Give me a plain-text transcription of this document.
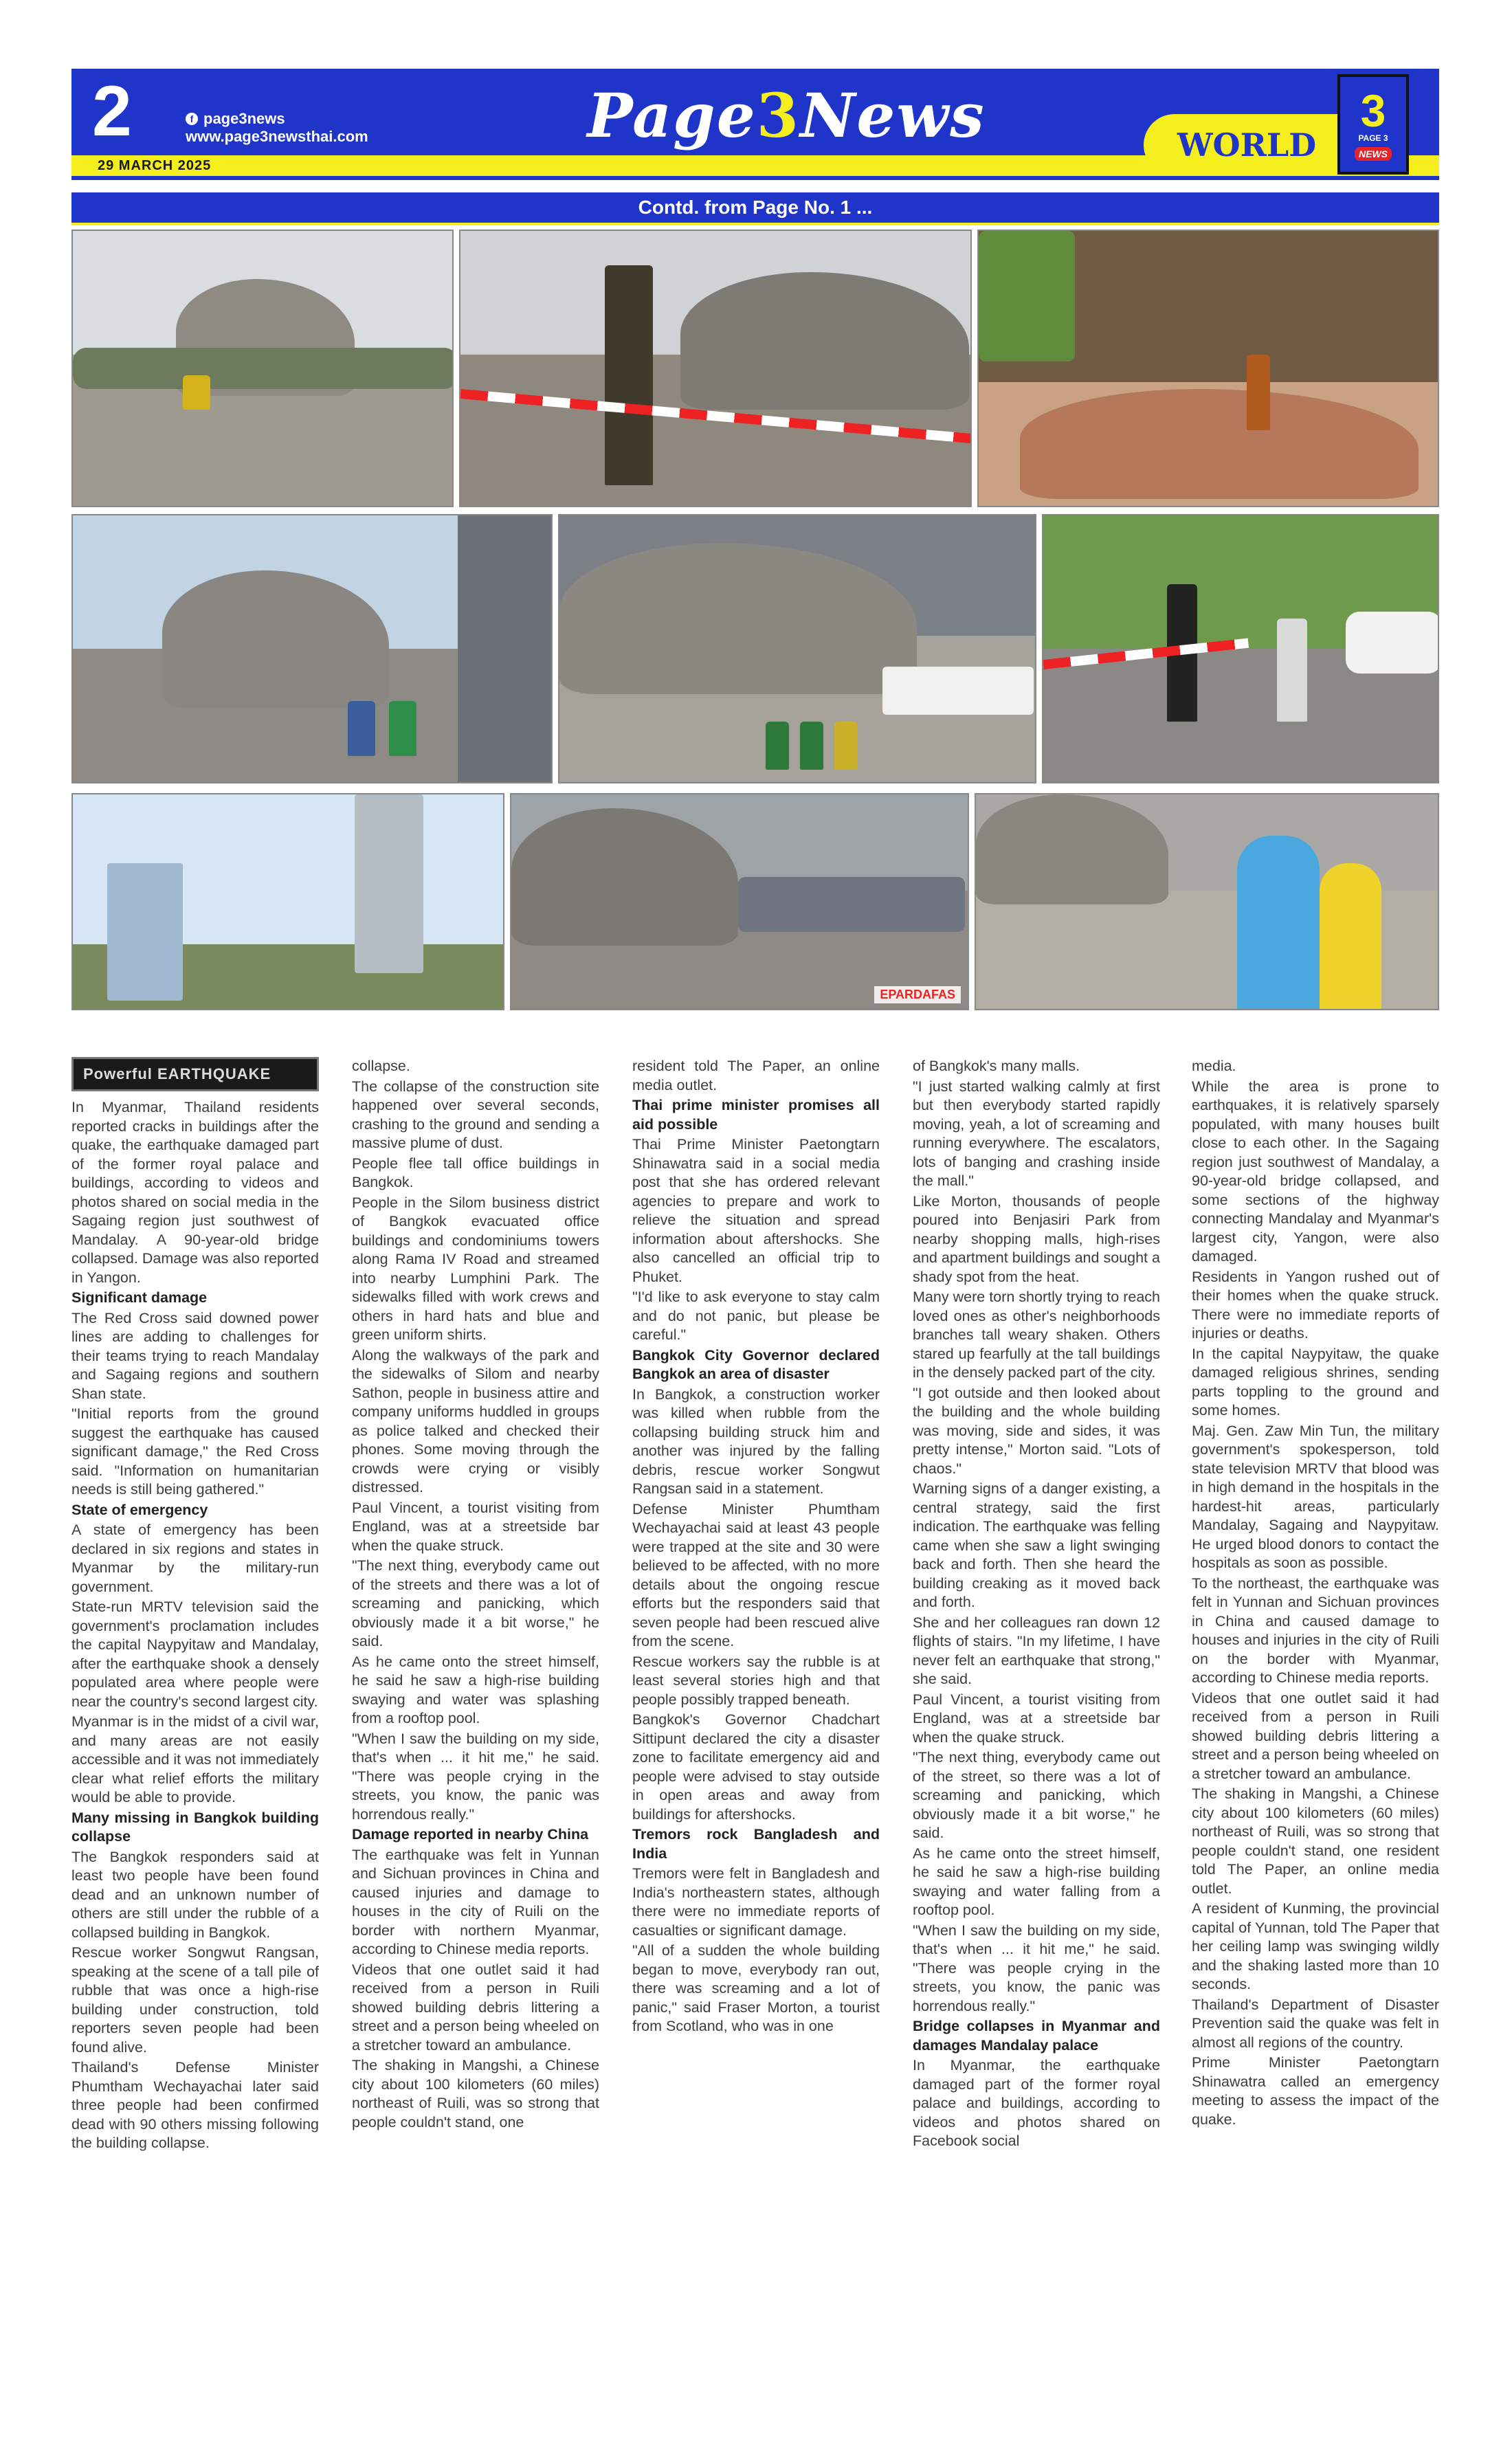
2	f page3news
www.page3newsthai.com
29 MARCH 2025
Page3News	WORLD
3
PAGE 3
NEWS
Contd. from Page No. 1 ...
EPARDAFAS

In Myanmar, Thailand residents reported cracks in buildings after the quake, the earthquake damaged part of the former royal palace and buildings, according to videos and photos shared on social media in the Sagaing region just southwest of Mandalay. A 90-year-old bridge collapsed. Damage was also reported in Yangon.

Significant damage

The Red Cross said downed power lines are adding to challenges for their teams trying to reach Mandalay and Sagaing regions and southern Shan state.

"Initial reports from the ground suggest the earthquake has caused significant damage," the Red Cross said. "Information on humanitarian needs is still being gathered."

State of emergency

A state of emergency has been declared in six regions and states in Myanmar by the military-run government.

State-run MRTV television said the government's proclamation includes the capital Naypyitaw and Mandalay, after the earthquake shook a densely populated area where people were near the country's second largest city.

Myanmar is in the midst of a civil war, and many areas are not easily accessible and it was not immediately clear what relief efforts the military would be able to provide.

Many missing in Bangkok building collapse

The Bangkok responders said at least two people have been found dead and an unknown number of others are still under the rubble of a collapsed building in Bangkok.

Rescue worker Songwut Rangsan, speaking at the scene of a tall pile of rubble that was once a high-rise building under construction, told reporters seven people had been found alive.

Thailand's Defense Minister Phumtham Wechayachai later said three people had been confirmed dead with 90 others missing following the building collapse.

collapse.

The collapse of the construction site happened over several seconds, crashing to the ground and sending a massive plume of dust.

People flee tall office buildings in Bangkok.

People in the Silom business district of Bangkok evacuated office buildings and condominiums towers along Rama IV Road and streamed into nearby Lumphini Park. The sidewalks filled with work crews and others in hard hats and blue and green uniform shirts.

Along the walkways of the park and the sidewalks of Silom and nearby Sathon, people in business attire and company uniforms huddled in groups as police talked and checked their phones. Some moving through the crowds were crying or visibly distressed.

Paul Vincent, a tourist visiting from England, was at a streetside bar when the quake struck.

"The next thing, everybody came out of the streets and there was a lot of screaming and panicking, which obviously made it a bit worse," he said.

As he came onto the street himself, he said he saw a high-rise building swaying and water was splashing from a rooftop pool.

"When I saw the building on my side, that's when ... it hit me," he said. "There was people crying in the streets, you know, the panic was horrendous really."

Damage reported in nearby China

The earthquake was felt in Yunnan and Sichuan provinces in China and caused injuries and damage to houses in the city of Ruili on the border with northern Myanmar, according to Chinese media reports.

Videos that one outlet said it had received from a person in Ruili showed building debris littering a street and a person being wheeled on a stretcher toward an ambulance.

The shaking in Mangshi, a Chinese city about 100 kilometers (60 miles) northeast of Ruili, was so strong that people couldn't stand, one

resident told The Paper, an online media outlet.

Thai prime minister promises all aid possible

Thai Prime Minister Paetongtarn Shinawatra said in a social media post that she has ordered relevant agencies to prepare and work to relieve the situation and spread information about aftershocks. She also cancelled an official trip to Phuket.

"I'd like to ask everyone to stay calm and do not panic, but please be careful."

Bangkok City Governor declared Bangkok an area of disaster

In Bangkok, a construction worker was killed when rubble from the collapsing building struck him and another was injured by the falling debris, rescue worker Songwut Rangsan said in a statement.

Defense Minister Phumtham Wechayachai said at least 43 people were trapped at the site and 30 were believed to be affected, with no more details about the ongoing rescue efforts but the responders said that seven people had been rescued alive from the scene.

Rescue workers say the rubble is at least several stories high and that people possibly trapped beneath.

Bangkok's Governor Chadchart Sittipunt declared the city a disaster zone to facilitate emergency aid and people were advised to stay outside in open areas and away from buildings for aftershocks.

Tremors rock Bangladesh and India

Tremors were felt in Bangladesh and India's northeastern states, although there were no immediate reports of casualties or significant damage.

"All of a sudden the whole building began to move, everybody ran out, there was screaming and a lot of panic," said Fraser Morton, a tourist from Scotland, who was in one

of Bangkok's many malls.

"I just started walking calmly at first but then everybody started rapidly moving, yeah, a lot of screaming and running everywhere. The escalators, lots of banging and crashing inside the mall."

Like Morton, thousands of people poured into Benjasiri Park from nearby shopping malls, high-rises and apartment buildings and sought a shady spot from the heat.

Many were torn shortly trying to reach loved ones as other's neighborhoods branches tall weary shaken. Others stared up fearfully at the tall buildings in the densely packed part of the city.

"I got outside and then looked about the building and the whole building was moving, side and sides, it was pretty intense," Morton said. "Lots of chaos."

Warning signs of a danger existing, a central strategy, said the first indication. The earthquake was felling came when she saw a light swinging back and forth. Then she heard the building creaking as it moved back and forth.

She and her colleagues ran down 12 flights of stairs. "In my lifetime, I have never felt an earthquake that strong," she said.

Paul Vincent, a tourist visiting from England, was at a streetside bar when the quake struck.

"The next thing, everybody came out of the street, so there was a lot of screaming and panicking, which obviously made it a bit worse," he said.

As he came onto the street himself, he said he saw a high-rise building swaying and water falling from a rooftop pool.

"When I saw the building on my side, that's when ... it hit me," he said. "There was people crying in the streets, you know, the panic was horrendous really."

Bridge collapses in Myanmar and damages Mandalay palace

In Myanmar, the earthquake damaged part of the former royal palace and buildings, according to videos and photos shared on Facebook social

media.

While the area is prone to earthquakes, it is relatively sparsely populated, with many houses built close to each other. In the Sagaing region just southwest of Mandalay, a 90-year-old bridge collapsed, and some sections of the highway connecting Mandalay and Myanmar's largest city, Yangon, were also damaged.

Residents in Yangon rushed out of their homes when the quake struck. There were no immediate reports of injuries or deaths.

In the capital Naypyitaw, the quake damaged religious shrines, sending parts toppling to the ground and some homes.

Maj. Gen. Zaw Min Tun, the military government's spokesperson, told state television MRTV that blood was in high demand in the hospitals in the hardest-hit areas, particularly Mandalay, Sagaing and Naypyitaw. He urged blood donors to contact the hospitals as soon as possible.

To the northeast, the earthquake was felt in Yunnan and Sichuan provinces in China and caused damage to houses and injuries in the city of Ruili on the border with Myanmar, according to Chinese media reports.

Videos that one outlet said it had received from a person in Ruili showed building debris littering a street and a person being wheeled on a stretcher toward an ambulance.

The shaking in Mangshi, a Chinese city about 100 kilometers (60 miles) northeast of Ruili, was so strong that people couldn't stand, one resident told The Paper, an online media outlet.

A resident of Kunming, the provincial capital of Yunnan, told The Paper that her ceiling lamp was swinging wildly and the shaking lasted more than 10 seconds.

Thailand's Department of Disaster Prevention said the quake was felt in almost all regions of the country.

Prime Minister Paetongtarn Shinawatra called an emergency meeting to assess the impact of the quake.

Powerful EARTHQUAKE
